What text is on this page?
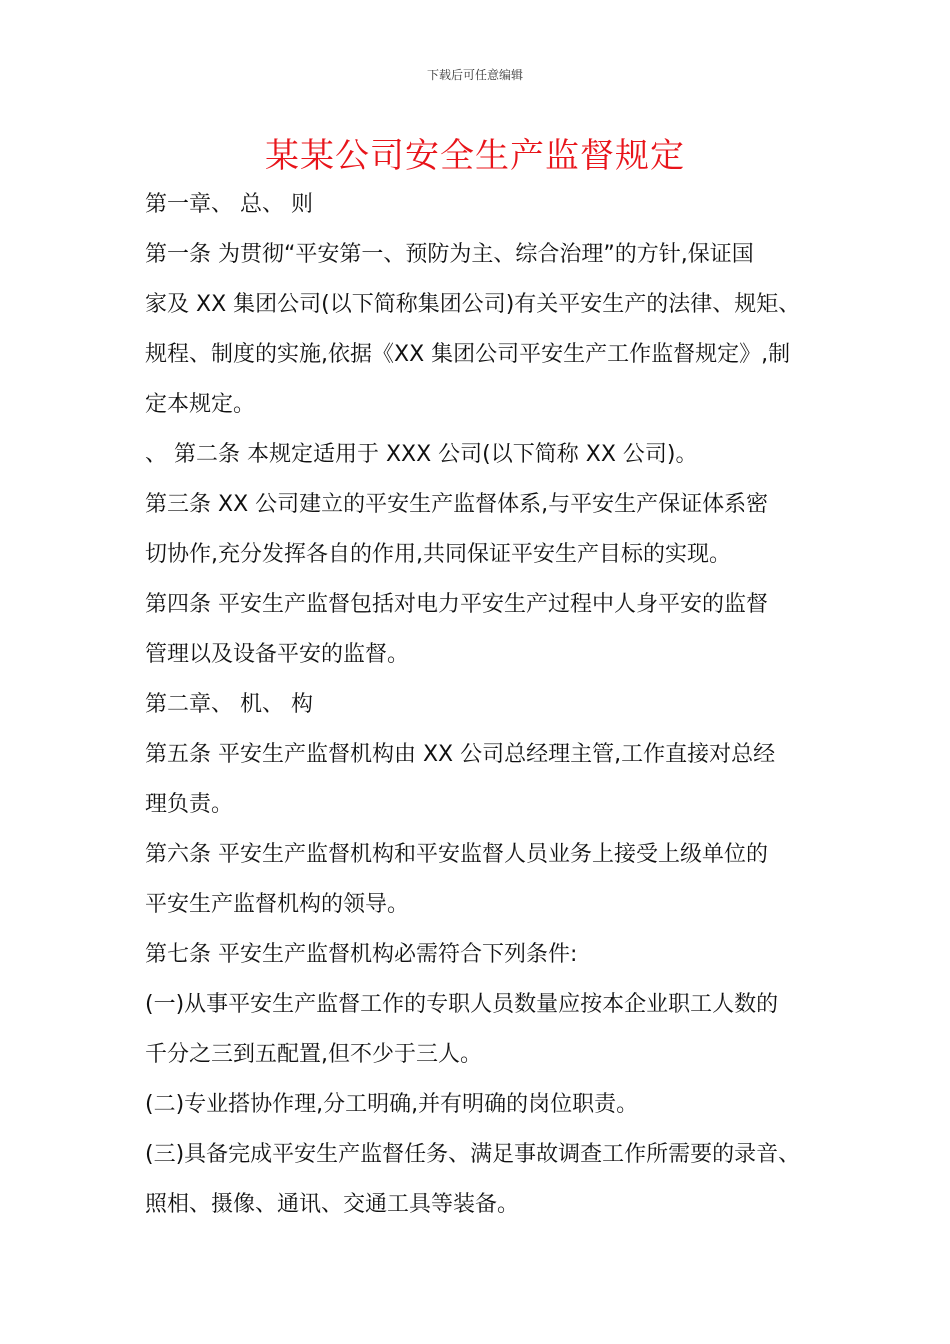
下载后可任意编辑
某某公司安全生产监督规定
第一章、 总、 则
第一条 为贯彻“平安第一、预防为主、综合治理”的方针,保证国
家及 XX 集团公司(以下简称集团公司)有关平安生产的法律、规矩、
规程、制度的实施,依据《XX 集团公司平安生产工作监督规定》,制
定本规定。
、 第二条 本规定适用于 XXX 公司(以下简称 XX 公司)。
第三条 XX 公司建立的平安生产监督体系,与平安生产保证体系密
切协作,充分发挥各自的作用,共同保证平安生产目标的实现。
第四条 平安生产监督包括对电力平安生产过程中人身平安的监督
管理以及设备平安的监督。
第二章、 机、 构
第五条 平安生产监督机构由 XX 公司总经理主管,工作直接对总经
理负责。
第六条 平安生产监督机构和平安监督人员业务上接受上级单位的
平安生产监督机构的领导。
第七条 平安生产监督机构必需符合下列条件:
(一)从事平安生产监督工作的专职人员数量应按本企业职工人数的
千分之三到五配置,但不少于三人。
(二)专业搭协作理,分工明确,并有明确的岗位职责。
(三)具备完成平安生产监督任务、满足事故调查工作所需要的录音、
照相、摄像、通讯、交通工具等装备。
